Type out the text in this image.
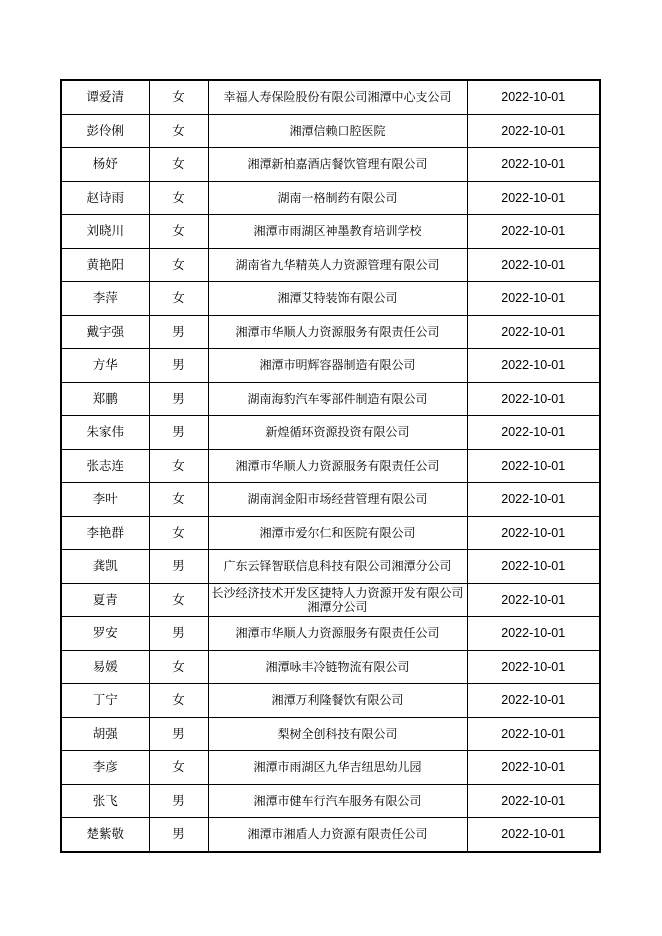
谭爱清	女	幸福人寿保险股份有限公司湘潭中心支公司	2022-10-01
彭伶俐	女	湘潭信赖口腔医院	2022-10-01
杨妤	女	湘潭新柏嘉酒店餐饮管理有限公司	2022-10-01
赵诗雨	女	湖南一格制药有限公司	2022-10-01
刘晓川	女	湘潭市雨湖区神墨教育培训学校	2022-10-01
黄艳阳	女	湖南省九华精英人力资源管理有限公司	2022-10-01
李萍	女	湘潭艾特装饰有限公司	2022-10-01
戴宇强	男	湘潭市华顺人力资源服务有限责任公司	2022-10-01
方华	男	湘潭市明辉容器制造有限公司	2022-10-01
郑鹏	男	湖南海豹汽车零部件制造有限公司	2022-10-01
朱家伟	男	新煌循环资源投资有限公司	2022-10-01
张志连	女	湘潭市华顺人力资源服务有限责任公司	2022-10-01
李叶	女	湖南润金阳市场经营管理有限公司	2022-10-01
李艳群	女	湘潭市爱尔仁和医院有限公司	2022-10-01
龚凯	男	广东云铎智联信息科技有限公司湘潭分公司	2022-10-01
夏青	女	长沙经济技术开发区捷特人力资源开发有限公司湘潭分公司	2022-10-01
罗安	男	湘潭市华顺人力资源服务有限责任公司	2022-10-01
易媛	女	湘潭咏丰冷链物流有限公司	2022-10-01
丁宁	女	湘潭万利隆餐饮有限公司	2022-10-01
胡强	男	梨树全创科技有限公司	2022-10-01
李彦	女	湘潭市雨湖区九华吉纽思幼儿园	2022-10-01
张飞	男	湘潭市健车行汽车服务有限公司	2022-10-01
楚紫敬	男	湘潭市湘盾人力资源有限责任公司	2022-10-01
